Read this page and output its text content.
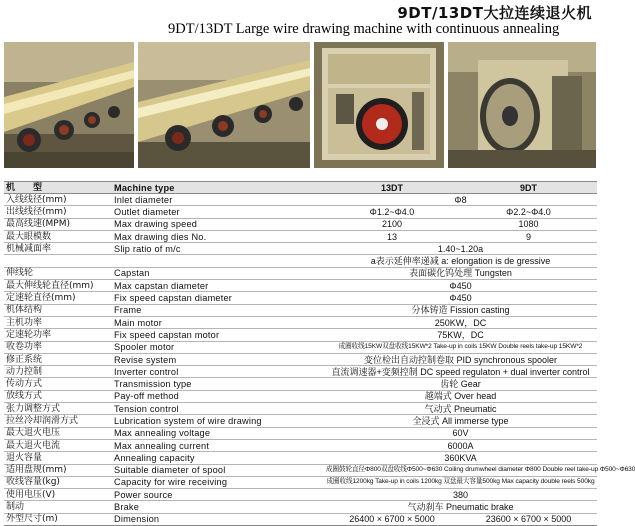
9DT/13DT大拉连续退火机
9DT/13DT Large wire drawing machine with continuous annealing
机　　型	Machine type	13DT	9DT
入线线径(mm)	Inlet diameter	Φ8	
出线线径(mm)	Outlet diameter	Φ1.2~Φ4.0	Φ2.2~Φ4.0
最高线速(MPM)	Max drawing speed	2100	1080
最大眼模数	Max drawing dies No.	13	9
机械减面率	Slip ratio of m/c	1.40~1.20a	
		a表示延伸率递减 a: elongation is de gressive	
伸线轮	Capstan	表面碳化钨处理 Tungsten	
最大伸线轮直径(mm)	Max capstan diameter	Φ450	
定速轮直径(mm)	Fix speed capstan diameter	Φ450	
机体结构	Frame	分体铸造 Fission casting	
主机功率	Main motor	250KW，DC	
定速轮功率	Fix speed capstan motor	75KW，DC	
收卷功率	Spooler motor	成圈收线15KW双盘收线15KW*2 Take-up in coils 15KW Double reels take-up 15KW*2	
修正系统	Revise system	变位检出自动控制卷取 PID synchronous spooler	
动力控制	Inverter control	直流调速器+变频控制 DC speed regulaton + dual inverter control	
传动方式	Transmission type	齿轮 Gear	
放线方式	Pay-off method	越端式 Over head	
张力调整方式	Tension control	气动式 Pneumatic	
拉丝冷却润滑方式	Lubrication system of wire drawing	全浸式 All immerse type	
最大退火电压	Max annealing voltage	60V	
最大退火电流	Max annealing current	6000A	
退火容量	Annealing capacity	360KVA	
适用盘规(mm)	Suitable diameter of spool	成圈鼓轮直径Φ800双盘收线Φ500~Φ630 Coiling drumwheel diameter Φ800 Double reel take-up Φ500~Φ630	
收线容量(kg)	Capacity for wire receiving	成圈收线1200kg Take-up in coils 1200kg 双盘最大容量500kg Max capacity double reels 500kg	
使用电压(V)	Power source	380	
制动	Brake	气动刹车 Pneumatic brake	
外型尺寸(m)	Dimension	26400 × 6700 × 5000	23600 × 6700 × 5000
